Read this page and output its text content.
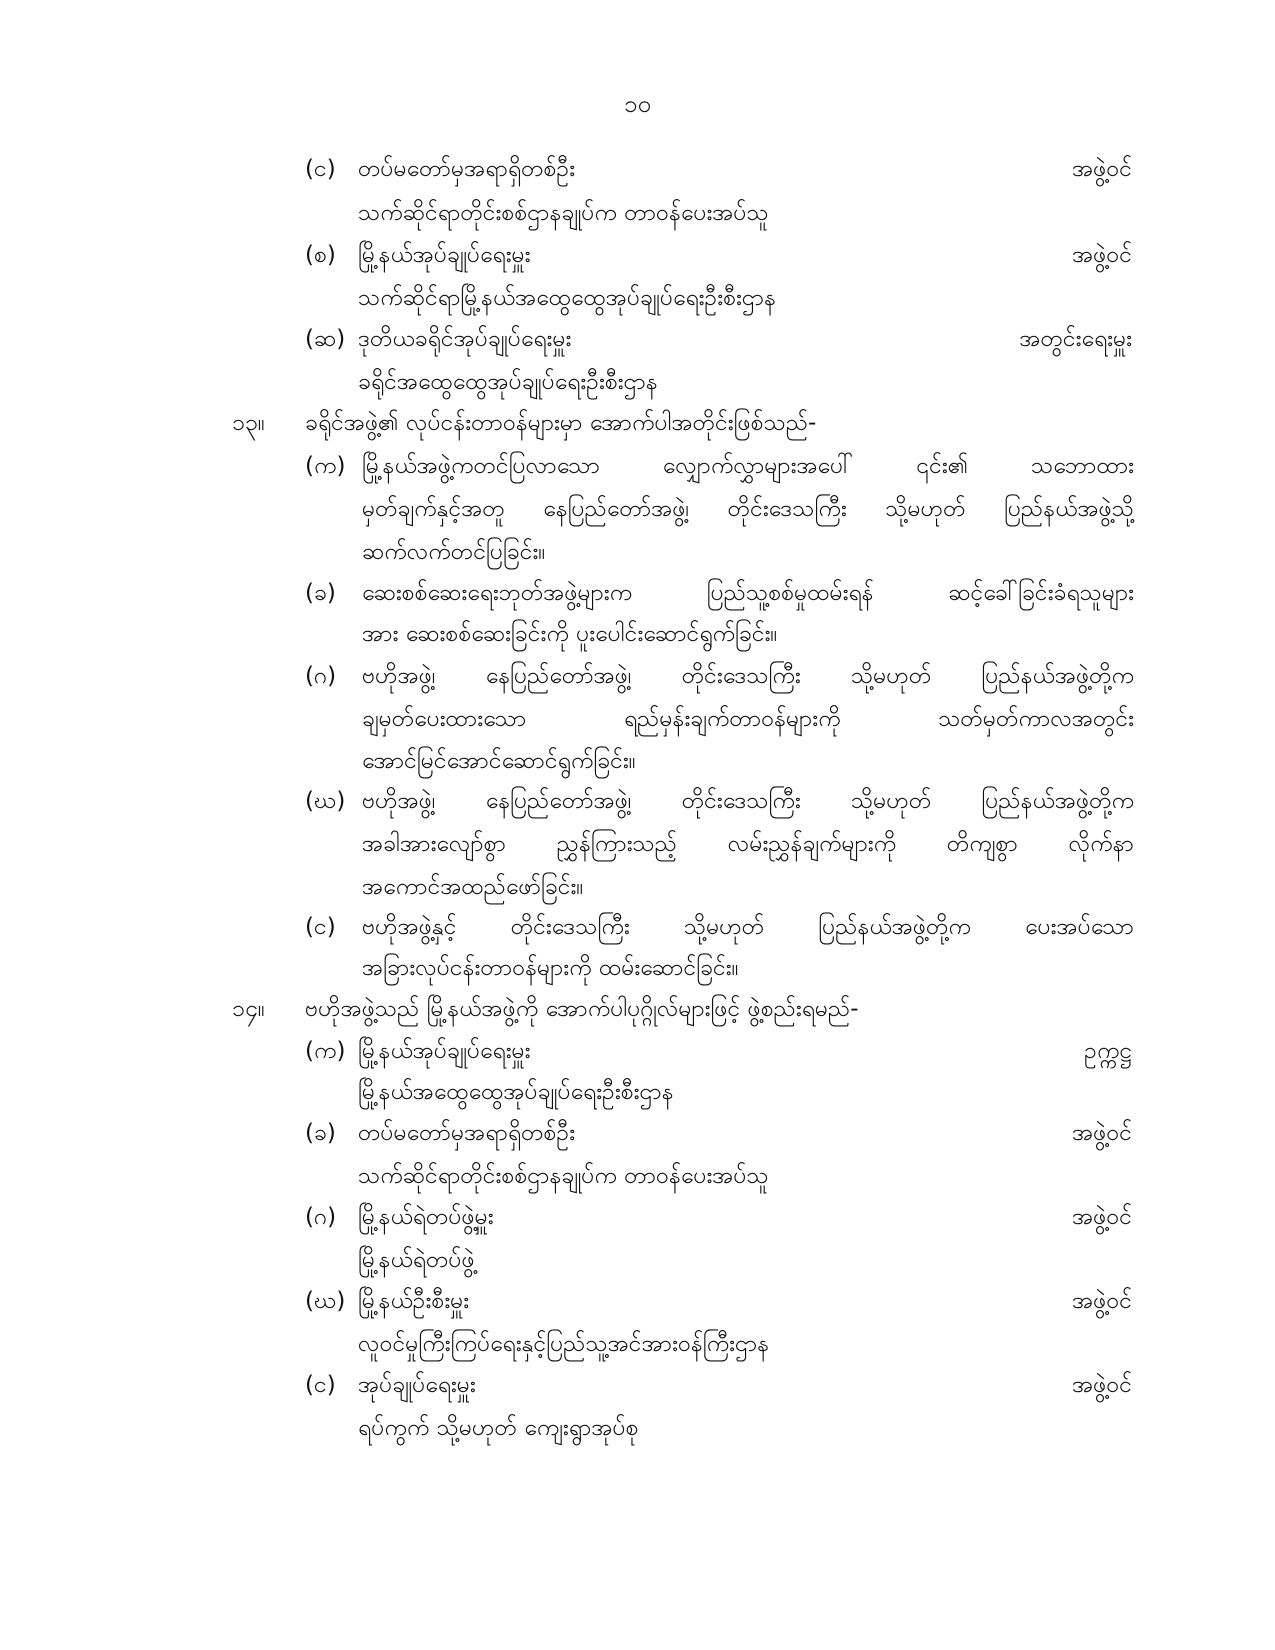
၁၀
(င) တပ်မတော်မှအရာရှိတစ်ဦး	အဖွဲ့ဝင်
သက်ဆိုင်ရာတိုင်းစစ်ဌာနချုပ်က တာဝန်ပေးအပ်သူ
(စ) မြို့နယ်အုပ်ချုပ်ရေးမှူး	အဖွဲ့ဝင်
သက်ဆိုင်ရာမြို့နယ်အထွေထွေအုပ်ချုပ်ရေးဦးစီးဌာန
(ဆ) ဒုတိယခရိုင်အုပ်ချုပ်ရေးမှူး	အတွင်းရေးမှူး
ခရိုင်အထွေထွေအုပ်ချုပ်ရေးဦးစီးဌာန
၁၃။ ခရိုင်အဖွဲ့၏ လုပ်ငန်းတာဝန်များမှာ အောက်ပါအတိုင်းဖြစ်သည်-
(က) မြို့နယ်အဖွဲ့ကတင်ပြလာသော လျှောက်လွှာများအပေါ် ၎င်း၏ သဘောထား
မှတ်ချက်နှင့်အတူ နေပြည်တော်အဖွဲ့၊ တိုင်းဒေသကြီး သို့မဟုတ် ပြည်နယ်အဖွဲ့သို့
ဆက်လက်တင်ပြခြင်း။
(ခ) ဆေးစစ်ဆေးရေးဘုတ်အဖွဲ့များက ပြည်သူ့စစ်မှုထမ်းရန် ဆင့်ခေါ်ခြင်းခံရသူများ
အား ဆေးစစ်ဆေးခြင်းကို ပူးပေါင်းဆောင်ရွက်ခြင်း။
(ဂ) ဗဟိုအဖွဲ့၊ နေပြည်တော်အဖွဲ့၊ တိုင်းဒေသကြီး သို့မဟုတ် ပြည်နယ်အဖွဲ့တို့က
ချမှတ်ပေးထားသော ရည်မှန်းချက်တာဝန်များကို သတ်မှတ်ကာလအတွင်း
အောင်မြင်အောင်ဆောင်ရွက်ခြင်း။
(ဃ) ဗဟိုအဖွဲ့၊ နေပြည်တော်အဖွဲ့၊ တိုင်းဒေသကြီး သို့မဟုတ် ပြည်နယ်အဖွဲ့တို့က
အခါအားလျော်စွာ ညွှန်ကြားသည့် လမ်းညွှန်ချက်များကို တိကျစွာ လိုက်နာ
အကောင်အထည်ဖော်ခြင်း။
(င) ဗဟိုအဖွဲ့နှင့် တိုင်းဒေသကြီး သို့မဟုတ် ပြည်နယ်အဖွဲ့တို့က ပေးအပ်သော
အခြားလုပ်ငန်းတာဝန်များကို ထမ်းဆောင်ခြင်း။
၁၄။ ဗဟိုအဖွဲ့သည် မြို့နယ်အဖွဲ့ကို အောက်ပါပုဂ္ဂိုလ်များဖြင့် ဖွဲ့စည်းရမည်-
(က) မြို့နယ်အုပ်ချုပ်ရေးမှူး	ဥက္ကဋ္ဌ
မြို့နယ်အထွေထွေအုပ်ချုပ်ရေးဦးစီးဌာန
(ခ) တပ်မတော်မှအရာရှိတစ်ဦး	အဖွဲ့ဝင်
သက်ဆိုင်ရာတိုင်းစစ်ဌာနချုပ်က တာဝန်ပေးအပ်သူ
(ဂ) မြို့နယ်ရဲတပ်ဖွဲ့မှူး	အဖွဲ့ဝင်
မြို့နယ်ရဲတပ်ဖွဲ့
(ဃ) မြို့နယ်ဦးစီးမှူး	အဖွဲ့ဝင်
လူဝင်မှုကြီးကြပ်ရေးနှင့်ပြည်သူ့အင်အားဝန်ကြီးဌာန
(င) အုပ်ချုပ်ရေးမှူး	အဖွဲ့ဝင်
ရပ်ကွက် သို့မဟုတ် ကျေးရွာအုပ်စု
